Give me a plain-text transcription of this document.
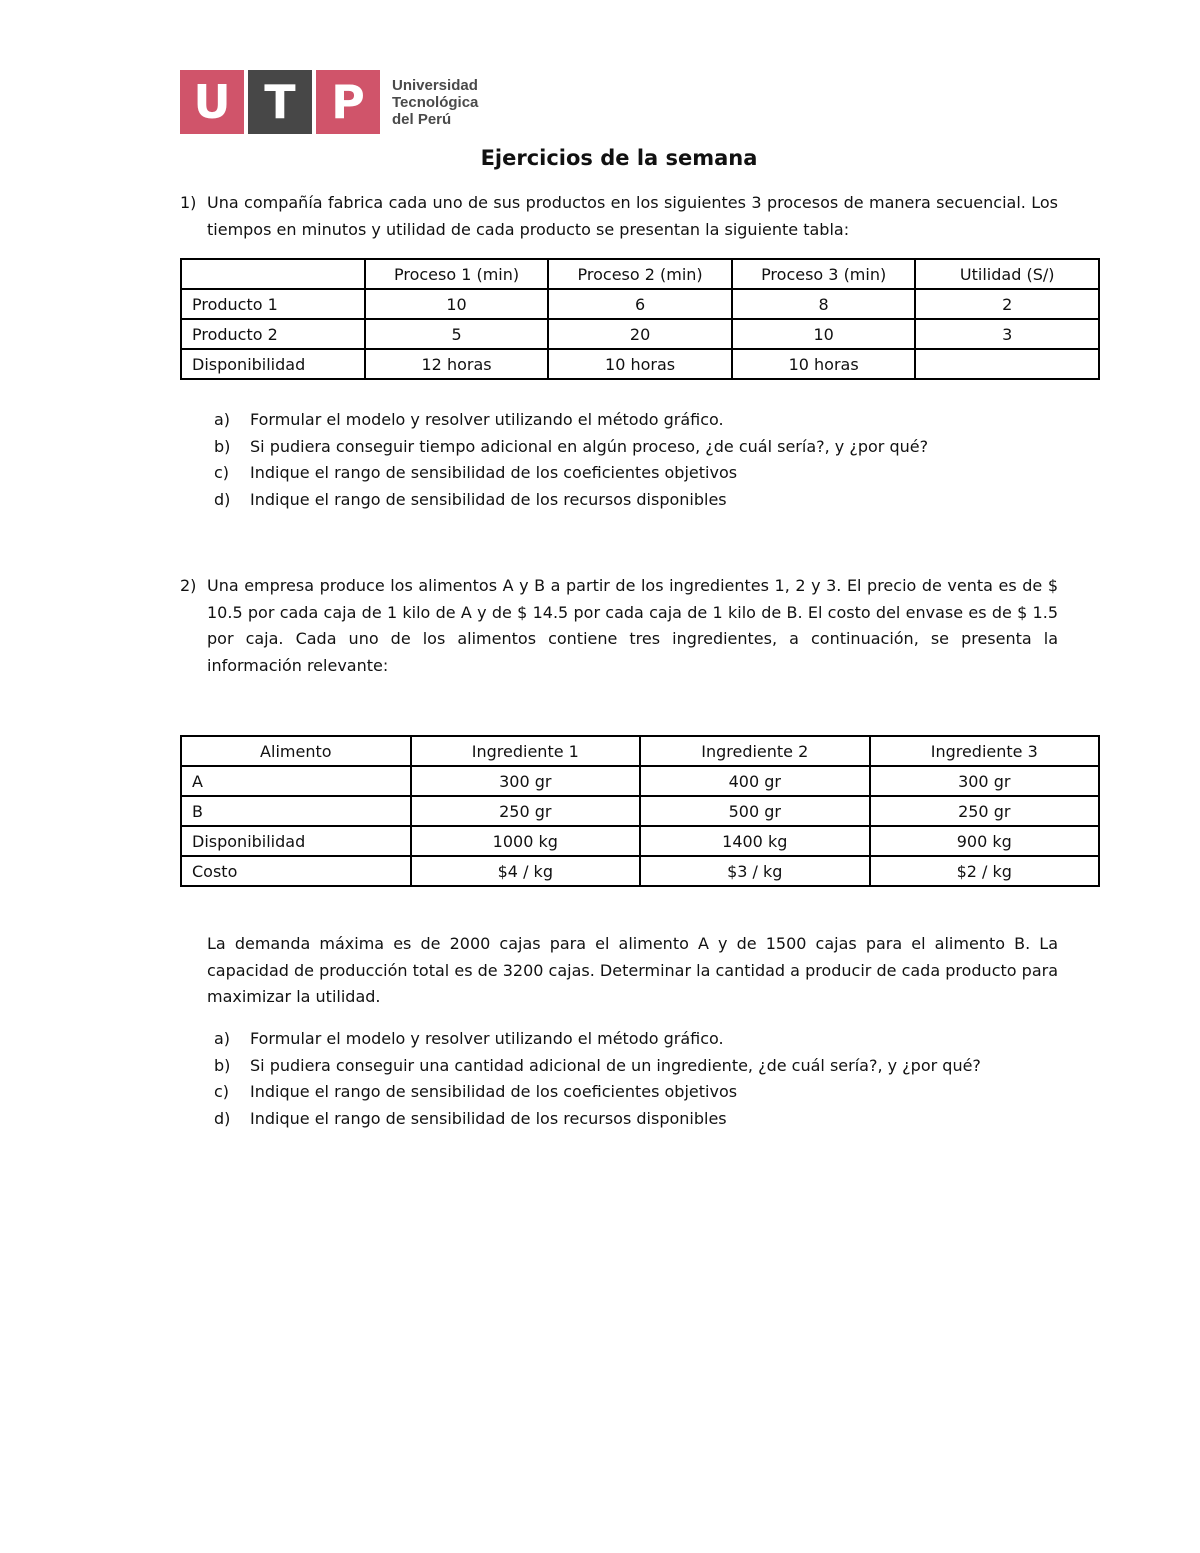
U T P	Universidad
Tecnológica
del Perú
Ejercicios de la semana
1) Una compañía fabrica cada uno de sus productos en los siguientes 3 procesos de manera secuencial. Los tiempos en minutos y utilidad de cada producto se presentan la siguiente tabla:
	Proceso 1 (min)	Proceso 2 (min)	Proceso 3 (min)	Utilidad (S/)
Producto 1	10	6	8	2
Producto 2	5	20	10	3
Disponibilidad	12 horas	10 horas	10 horas	
a)	Formular el modelo y resolver utilizando el método gráfico.
b)	Si pudiera conseguir tiempo adicional en algún proceso, ¿de cuál sería?, y ¿por qué?
c)	Indique el rango de sensibilidad de los coeficientes objetivos
d)	Indique el rango de sensibilidad de los recursos disponibles
2) Una empresa produce los alimentos A y B a partir de los ingredientes 1, 2 y 3. El precio de venta es de $ 10.5 por cada caja de 1 kilo de A y de $ 14.5 por cada caja de 1 kilo de B. El costo del envase es de $ 1.5 por caja. Cada uno de los alimentos contiene tres ingredientes, a continuación, se presenta la información relevante:
Alimento	Ingrediente 1	Ingrediente 2	Ingrediente 3
A	300 gr	400 gr	300 gr
B	250 gr	500 gr	250 gr
Disponibilidad	1000 kg	1400 kg	900 kg
Costo	$4 / kg	$3 / kg	$2 / kg
La demanda máxima es de 2000 cajas para el alimento A y de 1500 cajas para el alimento B. La capacidad de producción total es de 3200 cajas. Determinar la cantidad a producir de cada producto para maximizar la utilidad.
a)	Formular el modelo y resolver utilizando el método gráfico.
b)	Si pudiera conseguir una cantidad adicional de un ingrediente, ¿de cuál sería?, y ¿por qué?
c)	Indique el rango de sensibilidad de los coeficientes objetivos
d)	Indique el rango de sensibilidad de los recursos disponibles
